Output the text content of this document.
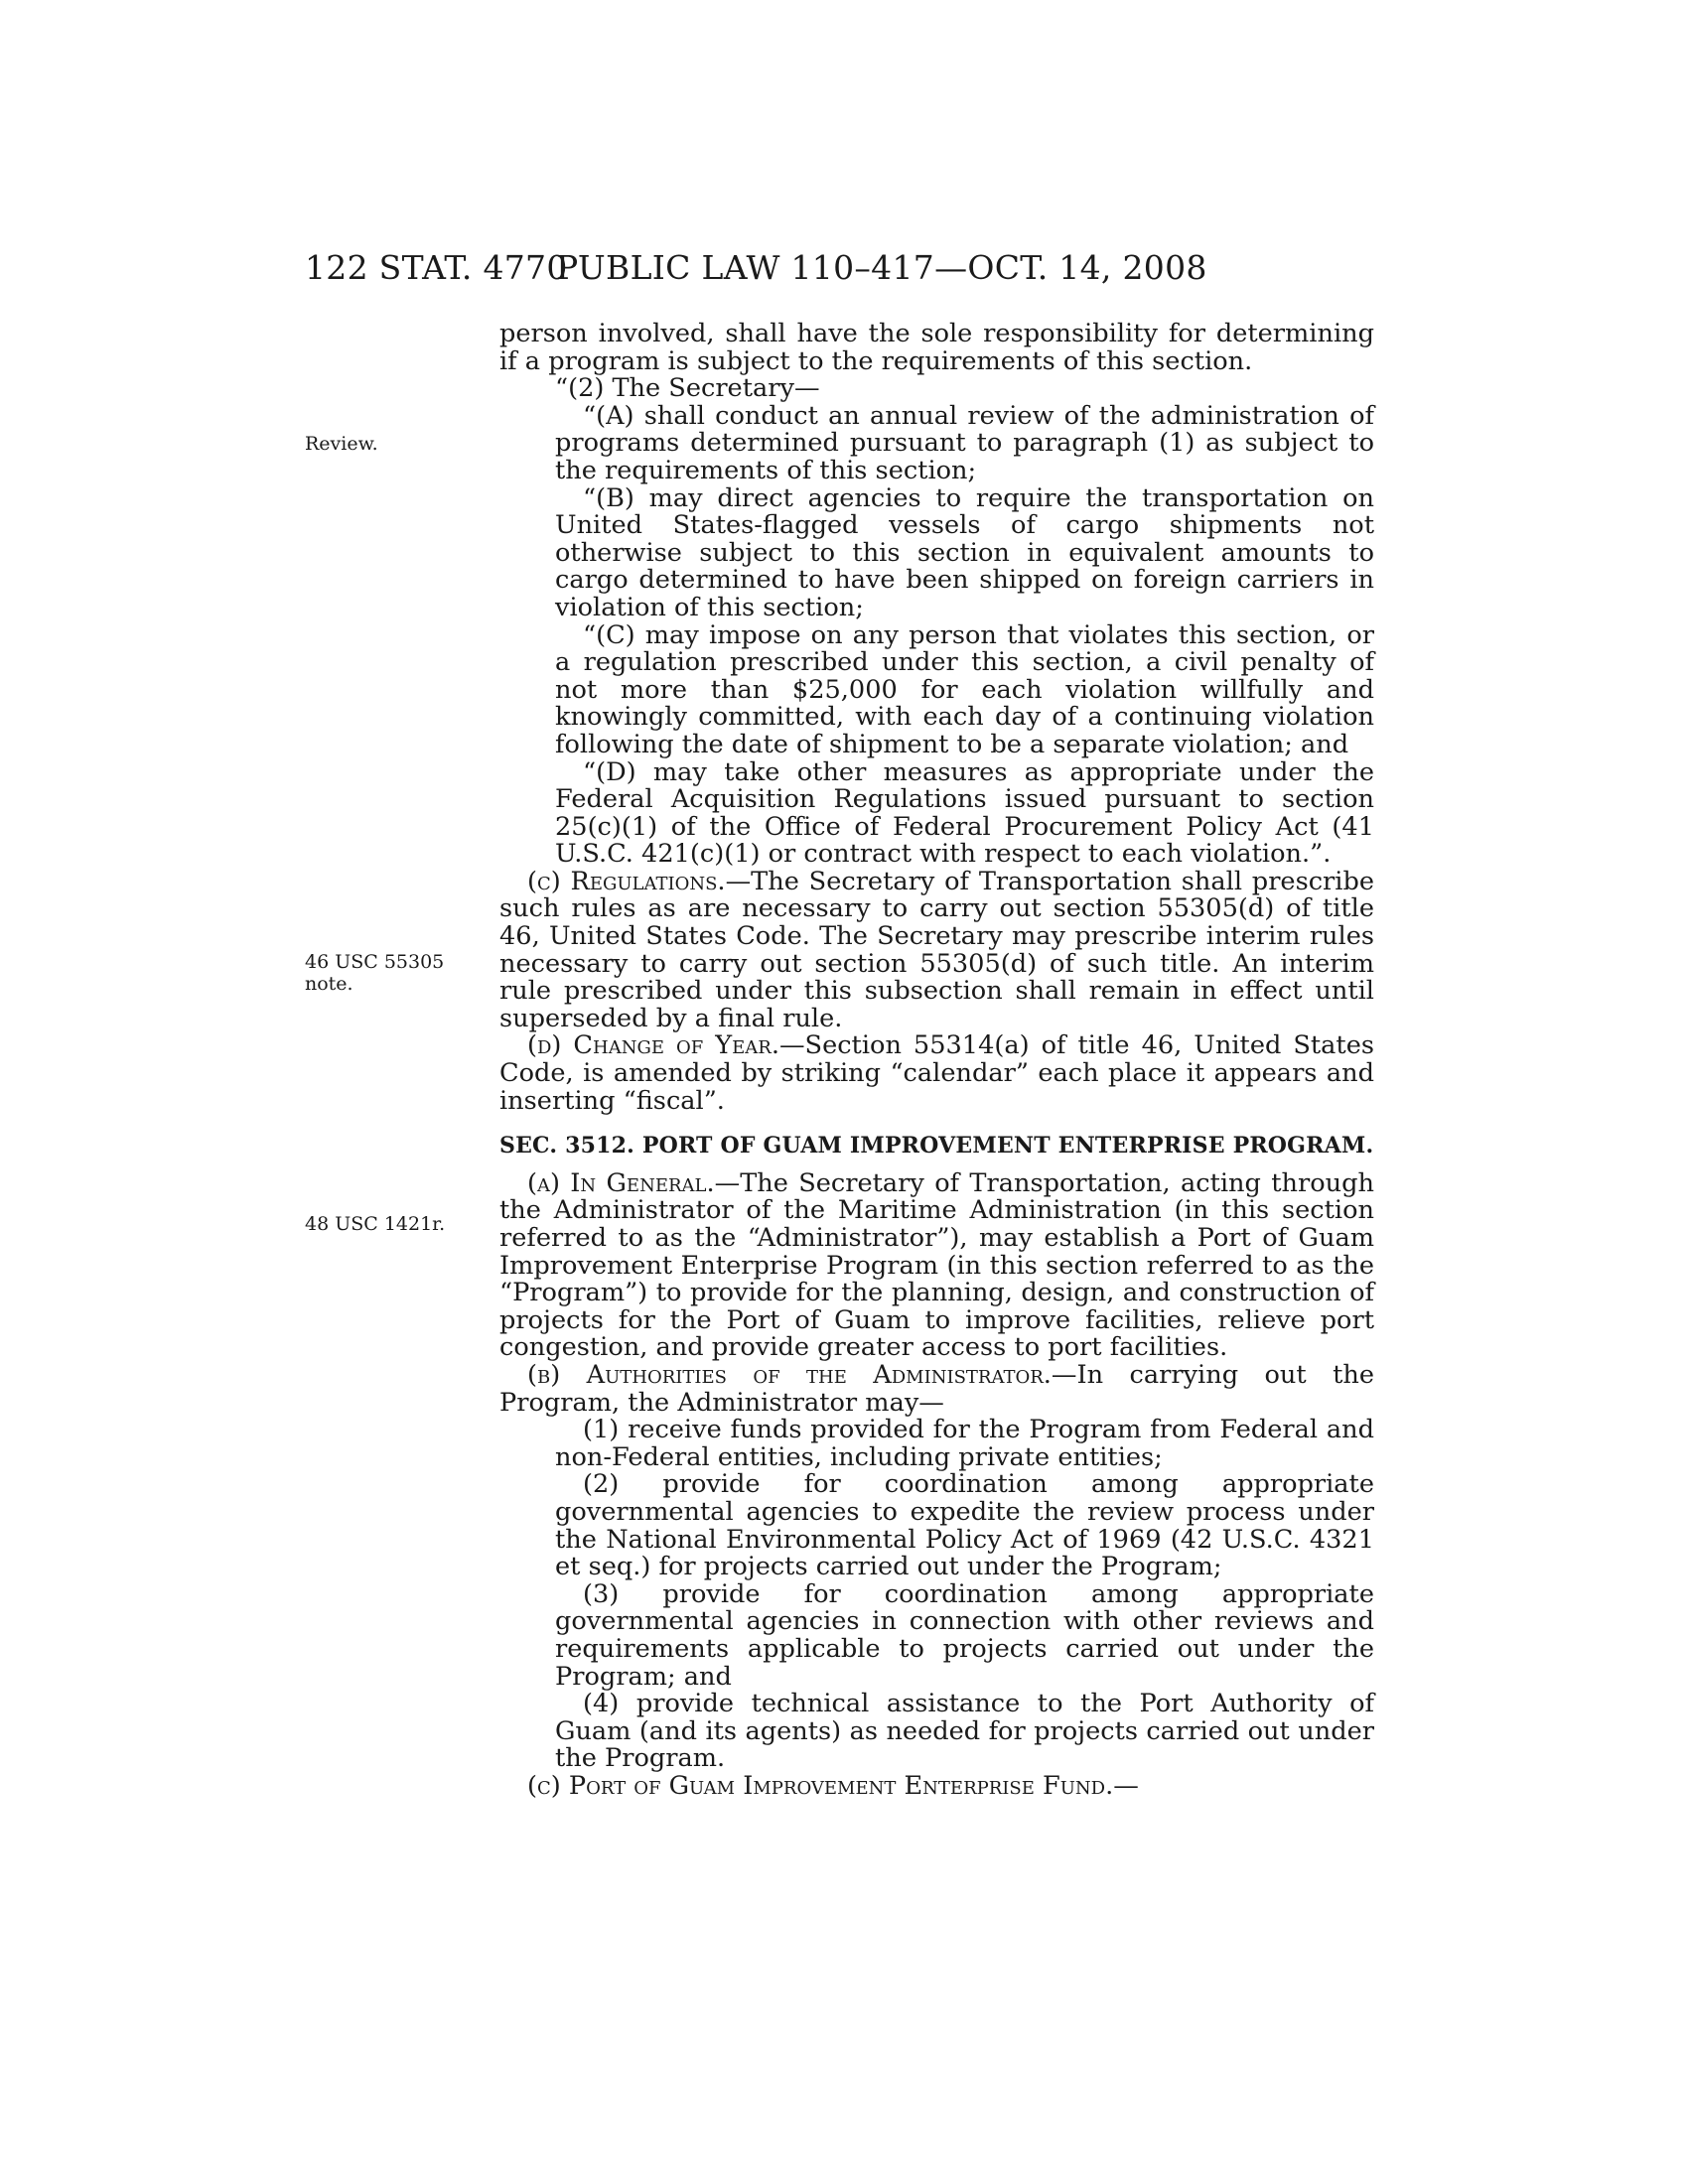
122 STAT. 4770
PUBLIC LAW 110–417—OCT. 14, 2008
Review.
46 USC 55305
note.
48 USC 1421r.

person involved, shall have the sole responsibility for determining if a program is subject to the requirements of this section.

“(2) The Secretary—

“(A) shall conduct an annual review of the administration of programs determined pursuant to paragraph (1) as subject to the requirements of this section;

“(B) may direct agencies to require the transportation on United States-flagged vessels of cargo shipments not otherwise subject to this section in equivalent amounts to cargo determined to have been shipped on foreign carriers in violation of this section;

“(C) may impose on any person that violates this section, or a regulation prescribed under this section, a civil penalty of not more than $25,000 for each violation willfully and knowingly committed, with each day of a continuing violation following the date of shipment to be a separate violation; and

“(D) may take other measures as appropriate under the Federal Acquisition Regulations issued pursuant to section 25(c)(1) of the Office of Federal Procurement Policy Act (41 U.S.C. 421(c)(1) or contract with respect to each violation.”.

(c) Regulations.—The Secretary of Transportation shall prescribe such rules as are necessary to carry out section 55305(d) of title 46, United States Code. The Secretary may prescribe interim rules necessary to carry out section 55305(d) of such title. An interim rule prescribed under this subsection shall remain in effect until superseded by a final rule.

(d) Change of Year.—Section 55314(a) of title 46, United States Code, is amended by striking “calendar” each place it appears and inserting “fiscal”.

SEC. 3512. PORT OF GUAM IMPROVEMENT ENTERPRISE PROGRAM.

(a) In General.—The Secretary of Transportation, acting through the Administrator of the Maritime Administration (in this section referred to as the “Administrator”), may establish a Port of Guam Improvement Enterprise Program (in this section referred to as the “Program”) to provide for the planning, design, and construction of projects for the Port of Guam to improve facilities, relieve port congestion, and provide greater access to port facilities.

(b) Authorities of the Administrator.—In carrying out the Program, the Administrator may—

(1) receive funds provided for the Program from Federal and non-Federal entities, including private entities;

(2) provide for coordination among appropriate governmental agencies to expedite the review process under the National Environmental Policy Act of 1969 (42 U.S.C. 4321 et seq.) for projects carried out under the Program;

(3) provide for coordination among appropriate governmental agencies in connection with other reviews and requirements applicable to projects carried out under the Program; and

(4) provide technical assistance to the Port Authority of Guam (and its agents) as needed for projects carried out under the Program.

(c) Port of Guam Improvement Enterprise Fund.—
